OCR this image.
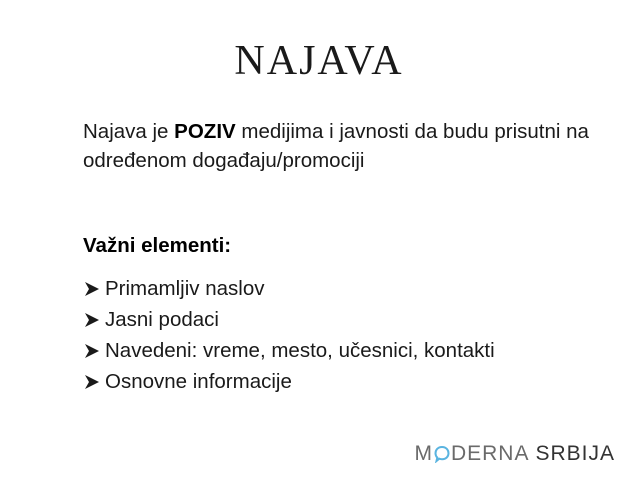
NAJAVA
Najava je POZIV medijima i javnosti da budu prisutni na određenom događaju/promociji
Važni elementi:
Primamljiv naslov
Jasni podaci
Navedeni: vreme, mesto, učesnici, kontakti
Osnovne informacije
M DERNA SRBIJA
